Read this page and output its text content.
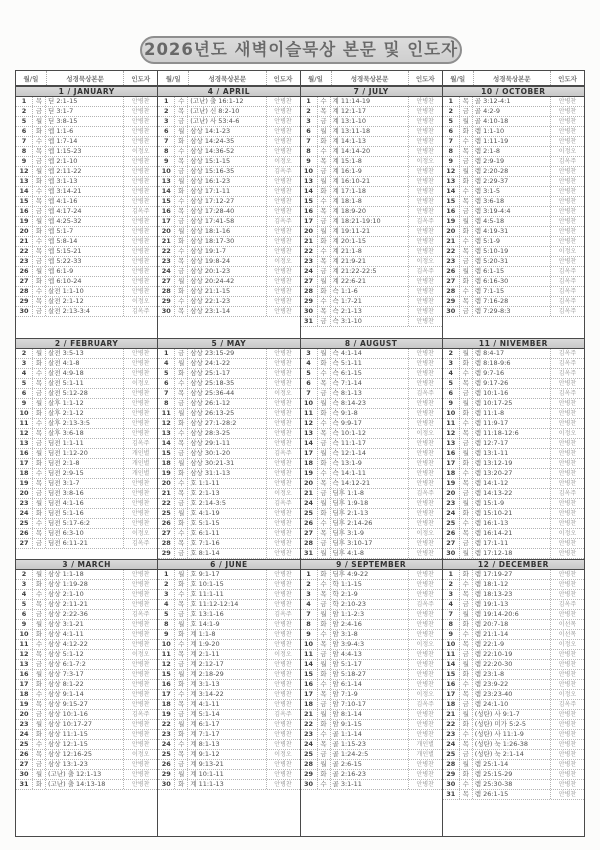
2026년도 새벽이슬묵상 본문 및 인도자
월/일	성경묵상본문	인도자
1 / JANUARY
1	목 딛 2:1-15	안병찬
2	금 딛 3:1-7	안병찬
5	월 딛 3:8-15	안병찬
6	화 엡 1:1-6	안병찬
7	수 엡 1:7-14	안병찬
8	목 엡 1:15-23	이정오
9	금 엡 2:1-10	안병찬
12	월 엡 2:11-22	안병찬
13	화 엡 3:1-13	안병찬
14	수 엡 3:14-21	안병찬
15	목 엡 4:1-16	안병찬
16	금 엡 4:17-24	김옥주
19	월 엡 4:25-32	안병찬
20	화 엡 5:1-7	안병찬
21	수 엡 5:8-14	안병찬
22	목 엡 5:15-21	안병찬
23	금 엡 5:22-33	안병찬
26	월 엡 6:1-9	안병찬
27	화 엡 6:10-24	안병찬
28	수 살전 1:1-10	안병찬
29	목 살전 2:1-12	이정오
30	금 살전 2:13-3:4	김옥주
2 / FEBRUARY
2	월 살전 3:5-13	안병찬
3	화 살전 4:1-8	안병찬
4	수 살전 4:9-18	안병찬
5	목 살전 5:1-11	이정오
6	금 살전 5:12-28	안병찬
9	월 살후 1:1-12	안병찬
10	화 살후 2:1-12	안병찬
11	수 살후 2:13-3:5	안병찬
12	목 살후 3:6-18	안병찬
13	금 딤전 1:1-11	김옥주
16	월 딤전 1:12-20	개인별
17	화 딤전 2:1-8	개인별
18	수 딤전 2:9-15	개인별
19	목 딤전 3:1-7	안병찬
20	금 딤전 3:8-16	안병찬
23	월 딤전 4:1-16	안병찬
24	화 딤전 5:1-16	안병찬
25	수 딤전 5:17-6:2	안병찬
26	목 딤전 6:3-10	이정오
27	금 딤전 6:11-21	김옥주
3 / MARCH
2	월 삼상 1:1-18	안병찬
3	화 삼상 1:19-28	안병찬
4	수 삼상 2:1-10	안병찬
5	목 삼상 2:11-21	안병찬
6	금 삼상 2:22-36	김옥주
9	월 삼상 3:1-21	안병찬
10	화 삼상 4:1-11	안병찬
11	수 삼상 4:12-22	안병찬
12	목 삼상 5:1-12	이정오
13	금 삼상 6:1-7:2	안병찬
16	월 삼상 7:3-17	안병찬
17	화 삼상 8:1-22	안병찬
18	수 삼상 9:1-14	안병찬
19	목 삼상 9:15-27	안병찬
20	금 삼상 10:1-16	김옥주
23	월 삼상 10:17-27	안병찬
24	화 삼상 11:1-15	안병찬
25	수 삼상 12:1-15	안병찬
26	목 삼상 12:16-25	이정오
27	금 삼상 13:1-23	안병찬
30	월 (고난) 출 12:1-13	안병찬
31	화 (고난) 출 14:13-18	안병찬
월/일	성경묵상본문	인도자
4 / APRIL
1	수 (고난) 출 16:1-12	안병찬
2	목 (고난) 신 8:2-10	안병찬
3	금 (고난) 사 53:4-6	안병찬
6	월 삼상 14:1-23	안병찬
7	화 삼상 14:24-35	안병찬
8	수 삼상 14:36-52	안병찬
9	목 삼상 15:1-15	이정오
10	금 삼상 15:16-35	김옥주
13	월 삼상 16:1-23	안병찬
14	화 삼상 17:1-11	안병찬
15	수 삼상 17:12-27	안병찬
16	목 삼상 17:28-40	안병찬
17	금 삼상 17:41-58	김옥주
20	월 삼상 18:1-16	안병찬
21	화 삼상 18:17-30	안병찬
22	수 삼상 19:1-7	안병찬
23	목 삼상 19:8-24	이정오
24	금 삼상 20:1-23	안병찬
27	월 삼상 20:24-42	안병찬
28	화 삼상 21:1-15	안병찬
29	수 삼상 22:1-23	안병찬
30	목 삼상 23:1-14	안병찬
5 / MAY
1	금 삼상 23:15-29	안병찬
4	월 삼상 24:1-22	안병찬
5	화 삼상 25:1-17	안병찬
6	수 삼상 25:18-35	안병찬
7	목 삼상 25:36-44	이정오
8	금 삼상 26:1-12	안병찬
11	월 삼상 26:13-25	안병찬
12	화 삼상 27:1-28:2	안병찬
13	수 삼상 28:3-25	안병찬
14	목 삼상 29:1-11	안병찬
15	금 삼상 30:1-20	김옥주
18	월 삼상 30:21-31	안병찬
19	화 삼상 31:1-13	안병찬
20	수 호 1:1-11	안병찬
21	목 호 2:1-13	이정오
22	금 호 2:14-3:5	김옥주
25	월 호 4:1-19	안병찬
26	화 호 5:1-15	안병찬
27	수 호 6:1-11	안병찬
28	목 호 7:1-16	안병찬
29	금 호 8:1-14	안병찬
6 / JUNE
1	월 호 9:1-17	안병찬
2	화 호 10:1-15	안병찬
3	수 호 11:1-11	안병찬
4	목 호 11:12-12:14	안병찬
5	금 호 13:1-16	김옥주
8	월 호 14:1-9	안병찬
9	화 계 1:1-8	안병찬
10	수 계 1:9-20	안병찬
11	목 계 2:1-11	이정오
12	금 계 2:12-17	안병찬
15	월 계 2:18-29	안병찬
16	화 계 3:1-13	안병찬
17	수 계 3:14-22	안병찬
18	목 계 4:1-11	안병찬
19	금 계 5:1-14	김옥주
22	월 계 6:1-17	안병찬
23	화 계 7:1-17	안병찬
24	수 계 8:1-13	안병찬
25	목 계 9:1-12	이정오
26	금 계 9:13-21	안병찬
29	월 계 10:1-11	안병찬
30	화 계 11:1-13	안병찬
월/일	성경묵상본문	인도자
7 / JULY
1	수 계 11:14-19	안병찬
2	목 계 12:1-17	안병찬
3	금 계 13:1-10	안병찬
6	월 계 13:11-18	안병찬
7	화 계 14:1-13	안병찬
8	수 계 14:14-20	안병찬
9	목 계 15:1-8	이정오
10	금 계 16:1-9	안병찬
13	월 계 16:10-21	안병찬
14	화 계 17:1-18	안병찬
15	수 계 18:1-8	안병찬
16	목 계 18:9-20	안병찬
17	금 계 18:21-19:10	김옥주
20	월 계 19:11-21	안병찬
21	화 계 20:1-15	안병찬
22	수 계 21:1-8	안병찬
23	목 계 21:9-21	이정오
24	금 계 21:22-22:5	김옥주
27	월 계 22:6-21	안병찬
28	화 슥 1:1-6	안병찬
29	수 슥 1:7-21	안병찬
30	목 슥 2:1-13	안병찬
31	금 슥 3:1-10	안병찬
8 / AUGUST
3	월 슥 4:1-14	안병찬
4	화 슥 5:1-11	안병찬
5	수 슥 6:1-15	안병찬
6	목 슥 7:1-14	안병찬
7	금 슥 8:1-13	김옥주
10	월 슥 8:14-23	안병찬
11	화 슥 9:1-8	안병찬
12	수 슥 9:9-17	안병찬
13	목 슥 10:1-12	이정오
14	금 슥 11:1-17	안병찬
17	월 슥 12:1-14	안병찬
18	화 슥 13:1-9	안병찬
19	수 슥 14:1-11	안병찬
20	목 슥 14:12-21	안병찬
21	금 딤후 1:1-8	김옥주
24	월 딤후 1:9-18	안병찬
25	화 딤후 2:1-13	안병찬
26	수 딤후 2:14-26	안병찬
27	목 딤후 3:1-9	이정오
28	금 딤후 3:10-17	안병찬
31	월 딤후 4:1-8	안병찬
9 / SEPTEMBER
1	화 딤후 4:9-22	안병찬
2	수 학 1:1-15	안병찬
3	목 학 2:1-9	안병찬
4	금 학 2:10-23	김옥주
7	월 암 1:1-2:3	안병찬
8	화 암 2:4-16	안병찬
9	수 암 3:1-8	안병찬
10	목 암 3:9-4:3	이정오
11	금 암 4:4-13	안병찬
14	월 암 5:1-17	안병찬
15	화 암 5:18-27	안병찬
16	수 암 6:1-14	안병찬
17	목 암 7:1-9	이정오
18	금 암 7:10-17	김옥주
21	월 암 8:1-14	안병찬
22	화 암 9:1-15	안병찬
23	수 골 1:1-14	안병찬
24	목 골 1:15-23	개인별
25	금 골 1:24-2:5	개인별
28	월 골 2:6-15	안병찬
29	화 골 2:16-23	안병찬
30	수 골 3:1-11	안병찬
월/일	성경묵상본문	인도자
10 / OCTOBER
1	목 골 3:12-4:1	안병찬
2	금 골 4:2-9	안병찬
5	월 골 4:10-18	안병찬
6	화 렘 1:1-10	안병찬
7	수 렘 1:11-19	안병찬
8	목 렘 2:1-8	이정오
9	금 렘 2:9-19	김옥주
12	월 렘 2:20-28	안병찬
13	화 렘 2:29-37	안병찬
14	수 렘 3:1-5	안병찬
15	목 렘 3:6-18	안병찬
16	금 렘 3:19-4:4	안병찬
19	월 렘 4:5-18	안병찬
20	화 렘 4:19-31	안병찬
21	수 렘 5:1-9	안병찬
22	목 렘 5:10-19	이정오
23	금 렘 5:20-31	안병찬
26	월 렘 6:1-15	김옥주
27	화 렘 6:16-30	김옥주
28	수 렘 7:1-15	김옥주
29	목 렘 7:16-28	김옥주
30	금 렘 7:29-8:3	김옥주
11 / NIVEMBER
2	월 렘 8:4-17	김옥주
3	화 렘 8:18-9:6	김옥주
4	수 렘 9:7-16	김옥주
5	목 렘 9:17-26	안병찬
6	금 렘 10:1-16	김옥주
9	월 렘 10:17-25	안병찬
10	화 렘 11:1-8	안병찬
11	수 렘 11:9-17	안병찬
12	목 렘 11:18-12:6	이정오
13	금 렘 12:7-17	안병찬
16	월 렘 13:1-11	안병찬
17	화 렘 13:12-19	안병찬
18	수 렘 13:20-27	안병찬
19	목 렘 14:1-12	안병찬
20	금 렘 14:13-22	김옥주
23	월 렘 15:1-9	안병찬
24	화 렘 15:10-21	안병찬
25	수 렘 16:1-13	안병찬
26	목 렘 16:14-21	이정오
27	금 렘 17:1-11	안병찬
30	월 렘 17:12-18	안병찬
12 / DECEMBER
1	화 렘 17:19-27	안병찬
2	수 렘 18:1-12	안병찬
3	목 렘 18:13-23	안병찬
4	금 렘 19:1-13	김옥주
7	월 렘 19:14-20:6	안병찬
8	화 렘 20:7-18	이선목
9	수 렘 21:1-14	이선목
10	목 렘 22:1-9	이정오
11	금 렘 22:10-19	안병찬
14	월 렘 22:20-30	안병찬
15	화 렘 23:1-8	안병찬
16	수 렘 23:9-22	안병찬
17	목 렘 23:23-40	이정오
18	금 렘 24:1-10	김옥주
21	월 (성탄) 사 9:1-7	안병찬
22	화 (성탄) 미가 5:2-5	안병찬
23	수 (성탄) 사 11:1-9	안병찬
24	목 (성탄) 눅 1:26-38	안병찬
25	금 (성탄) 눅 2:1-14	안병찬
28	월 렘 25:1-14	안병찬
29	화 렘 25:15-29	안병찬
30	수 렘 25:30-38	안병찬
31	목 렘 26:1-15	안병찬
